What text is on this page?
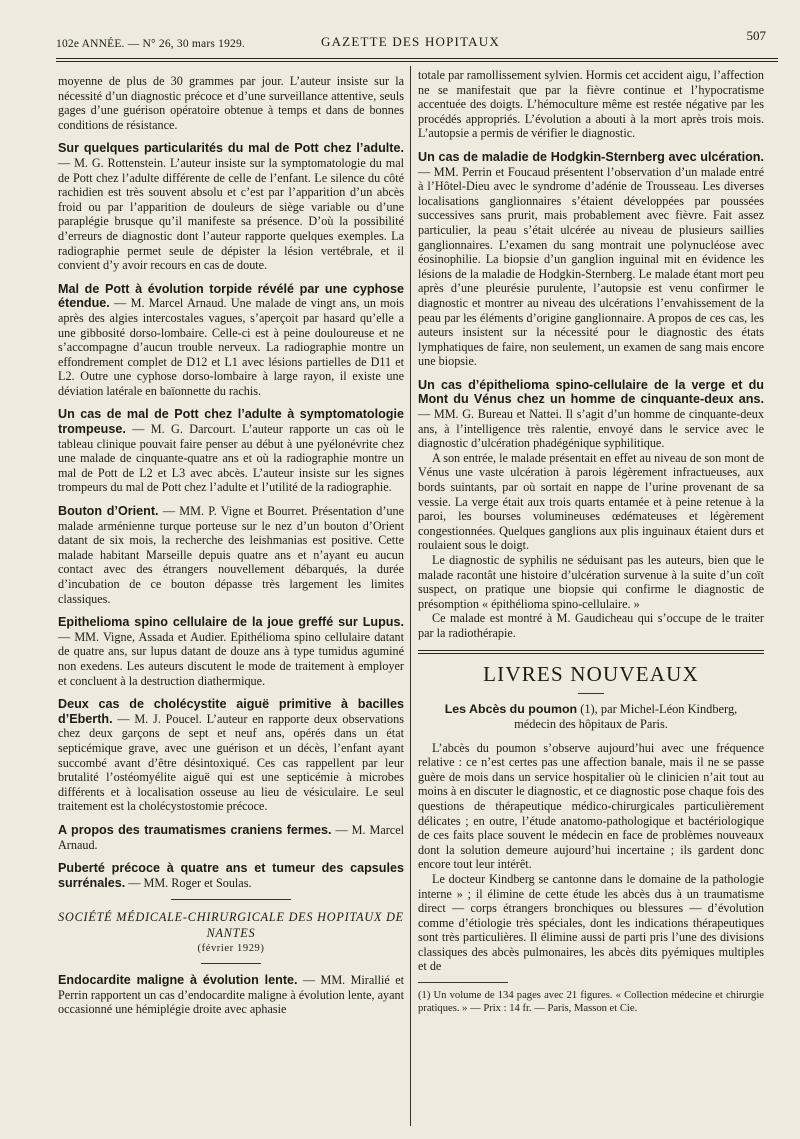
102e ANNÉE. — N° 26, 30 mars 1929.	GAZETTE DES HOPITAUX	507

moyenne de plus de 30 grammes par jour. L’auteur insiste sur la nécessité d’un diagnostic précoce et d’une surveillance attentive, seuls gages d’une guérison opératoire obtenue à temps et dans de bonnes conditions de résistance.

Sur quelques particularités du mal de Pott chez l’adulte. — M. G. Rottenstein. L’auteur insiste sur la symptomatologie du mal de Pott chez l’adulte différente de celle de l’enfant. Le silence du côté rachidien est très souvent absolu et c’est par l’apparition d’un abcès froid ou par l’apparition de douleurs de siège variable ou d’une paraplégie brusque qu’il manifeste sa présence. D’où la possibilité d’erreurs de diagnostic dont l’auteur rapporte quelques exemples. La radiographie permet seule de dépister la lésion vertébrale, et il convient d’y avoir recours en cas de doute.

Mal de Pott à évolution torpide révélé par une cyphose étendue. — M. Marcel Arnaud. Une malade de vingt ans, un mois après des algies intercostales vagues, s’aperçoit par hasard qu’elle a une gibbosité dorso-lombaire. Celle-ci est à peine douloureuse et ne s’accompagne d’aucun trouble nerveux. La radiographie montre un effondrement complet de D12 et L1 avec lésions partielles de D11 et L2. Outre une cyphose dorso-lombaire à large rayon, il existe une déviation latérale en baïonnette du rachis.

Un cas de mal de Pott chez l’adulte à symptomatologie trompeuse. — M. G. Darcourt. L’auteur rapporte un cas où le tableau clinique pouvait faire penser au début à une pyélonévrite chez une malade de cinquante-quatre ans et où la radiographie montre un mal de Pott de L2 et L3 avec abcès. L’auteur insiste sur les signes trompeurs du mal de Pott chez l’adulte et l’utilité de la radiographie.

Bouton d’Orient. — MM. P. Vigne et Bourret. Présentation d’une malade arménienne turque porteuse sur le nez d’un bouton d’Orient datant de six mois, la recherche des leishmanias est positive. Cette malade habitant Marseille depuis quatre ans et n’ayant eu aucun contact avec des étrangers nouvellement débarqués, la durée d’incubation de ce bouton dépasse très largement les limites classiques.

Epithelioma spino cellulaire de la joue greffé sur Lupus. — MM. Vigne, Assada et Audier. Epithélioma spino cellulaire datant de quatre ans, sur lupus datant de douze ans à type tumidus aguminé non exedens. Les auteurs discutent le mode de traitement à employer et concluent à la destruction diathermique.

Deux cas de cholécystite aiguë primitive à bacilles d’Eberth. — M. J. Poucel. L’auteur en rapporte deux observations chez deux garçons de sept et neuf ans, opérés dans un état septicémique grave, avec une guérison et un décès, l’enfant ayant succombé avant d’être désintoxiqué. Ces cas rappellent par leur brutalité l’ostéomyélite aiguë qui est une septicémie à microbes différents et à localisation osseuse au lieu de vésiculaire. Le seul traitement est la cholécystostomie précoce.

A propos des traumatismes craniens fermes. — M. Marcel Arnaud.

Puberté précoce à quatre ans et tumeur des capsules surrénales. — MM. Roger et Soulas.

SOCIÉTÉ MÉDICALE-CHIRURGICALE DES HOPITAUX DE NANTES

(février 1929)

Endocardite maligne à évolution lente. — MM. Mirallié et Perrin rapportent un cas d’endocardite maligne à évolution lente, ayant occasionné une hémiplégie droite avec aphasie

totale par ramollissement sylvien. Hormis cet accident aigu, l’affection ne se manifestait que par la fièvre continue et l’hypocratisme accentuée des doigts. L’hémoculture même est restée négative par les procédés appropriés. L’évolution a abouti à la mort après trois mois. L’autopsie a permis de vérifier le diagnostic.

Un cas de maladie de Hodgkin-Sternberg avec ulcération. — MM. Perrin et Foucaud présentent l’observation d’un malade entré à l’Hôtel-Dieu avec le syndrome d’adénie de Trousseau. Les diverses localisations ganglionnaires s’étaient développées par poussées successives sans prurit, mais probablement avec fièvre. Fait assez particulier, la peau s’était ulcérée au niveau de plusieurs saillies ganglionnaires. L’examen du sang montrait une polynucléose avec éosinophilie. La biopsie d’un ganglion inguinal mit en évidence les lésions de la maladie de Hodgkin-Sternberg. Le malade étant mort peu après d’une pleurésie purulente, l’autopsie est venu confirmer le diagnostic et montrer au niveau des ulcérations l’envahissement de la peau par les éléments d’origine ganglionnaire. A propos de ces cas, les auteurs insistent sur la nécessité pour le diagnostic des états lymphatiques de faire, non seulement, un examen de sang mais encore une biopsie.

Un cas d’épithelioma spino-cellulaire de la verge et du Mont du Vénus chez un homme de cinquante-deux ans. — MM. G. Bureau et Nattei. Il s’agit d’un homme de cinquante-deux ans, à l’intelligence très ralentie, envoyé dans le service avec le diagnostic d’ulcération phadégénique syphilitique.

A son entrée, le malade présentait en effet au niveau de son mont de Vénus une vaste ulcération à parois légèrement infractueuses, aux bords suintants, par où sortait en nappe de l’urine provenant de sa vessie. La verge était aux trois quarts entamée et à peine retenue à la paroi, les bourses volumineuses œdémateuses et légèrement congestionnées. Quelques ganglions aux plis inguinaux étaient durs et roulaient sous le doigt.

Le diagnostic de syphilis ne séduisant pas les auteurs, bien que le malade racontât une histoire d’ulcération survenue à la suite d’un coït suspect, on pratique une biopsie qui confirme le diagnostic de présomption « épithélioma spino-cellulaire. »

Ce malade est montré à M. Gaudicheau qui s’occupe de le traiter par la radiothérapie.

LIVRES NOUVEAUX
Les Abcès du poumon (1), par Michel-Léon Kindberg,
médecin des hôpitaux de Paris.

L’abcès du poumon s’observe aujourd’hui avec une fréquence relative : ce n’est certes pas une affection banale, mais il ne se passe guère de mois dans un service hospitalier où le clinicien n’ait tout au moins à en discuter le diagnostic, et ce diagnostic pose chaque fois des questions de thérapeutique médico-chirurgicales particulièrement délicates ; en outre, l’étude anatomo-pathologique et bactériologique de ces faits place souvent le médecin en face de problèmes nouveaux dont la solution demeure aujourd’hui incertaine ; ils gardent donc encore tout leur intérêt.

Le docteur Kindberg se cantonne dans le domaine de la pathologie interne » ; il élimine de cette étude les abcès dus à un traumatisme direct — corps étrangers bronchiques ou blessures — d’évolution comme d’étiologie très spéciales, dont les indications thérapeutiques sont très particulières. Il élimine aussi de parti pris l’une des divisions classiques des abcès pulmonaires, les abcès dits pyémiques multiples et de

(1) Un volume de 134 pages avec 21 figures. « Collection médecine et chirurgie pratiques. » — Prix : 14 fr. — Paris, Masson et Cie.
